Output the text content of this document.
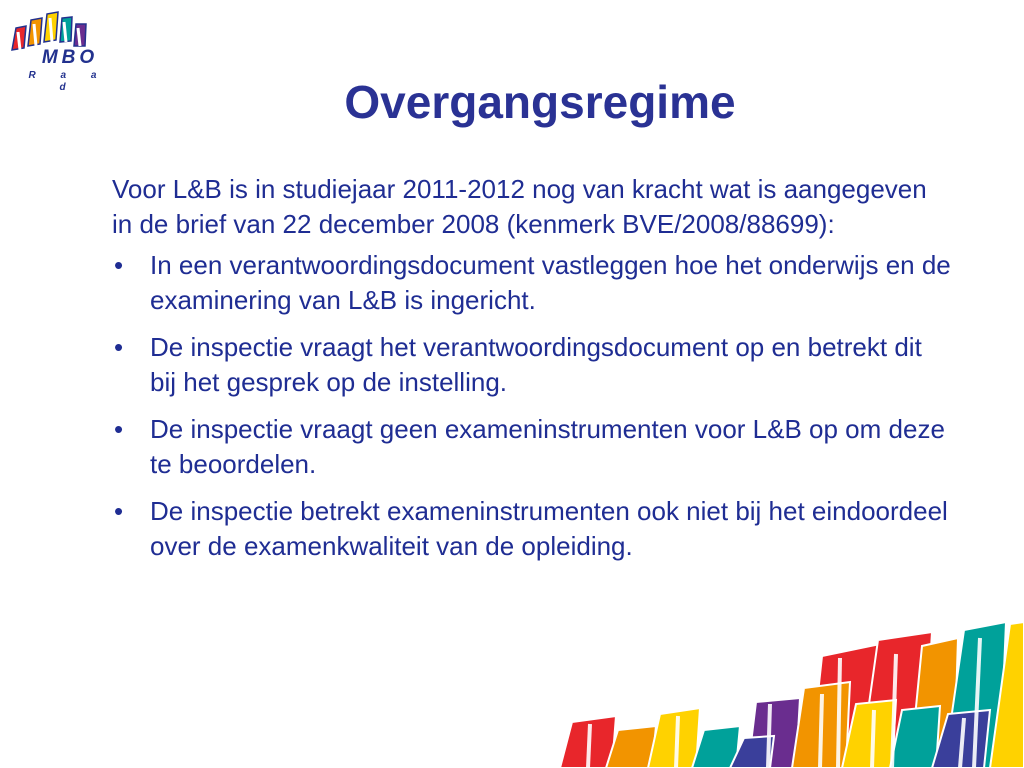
MBO
R a a d	Overgangsregime

Voor L&B is in studiejaar 2011-2012 nog van kracht wat is aangegeven in de brief van 22 december 2008 (kenmerk BVE/2008/88699):

• In een verantwoordingsdocument vastleggen hoe het onderwijs en de examinering van L&B is ingericht.
• De inspectie vraagt het verantwoordingsdocument op en betrekt dit bij het gesprek op de instelling.
• De inspectie vraagt geen exameninstrumenten voor L&B op om deze te beoordelen.
• De inspectie betrekt exameninstrumenten ook niet bij het eindoordeel over de examenkwaliteit van de opleiding.
